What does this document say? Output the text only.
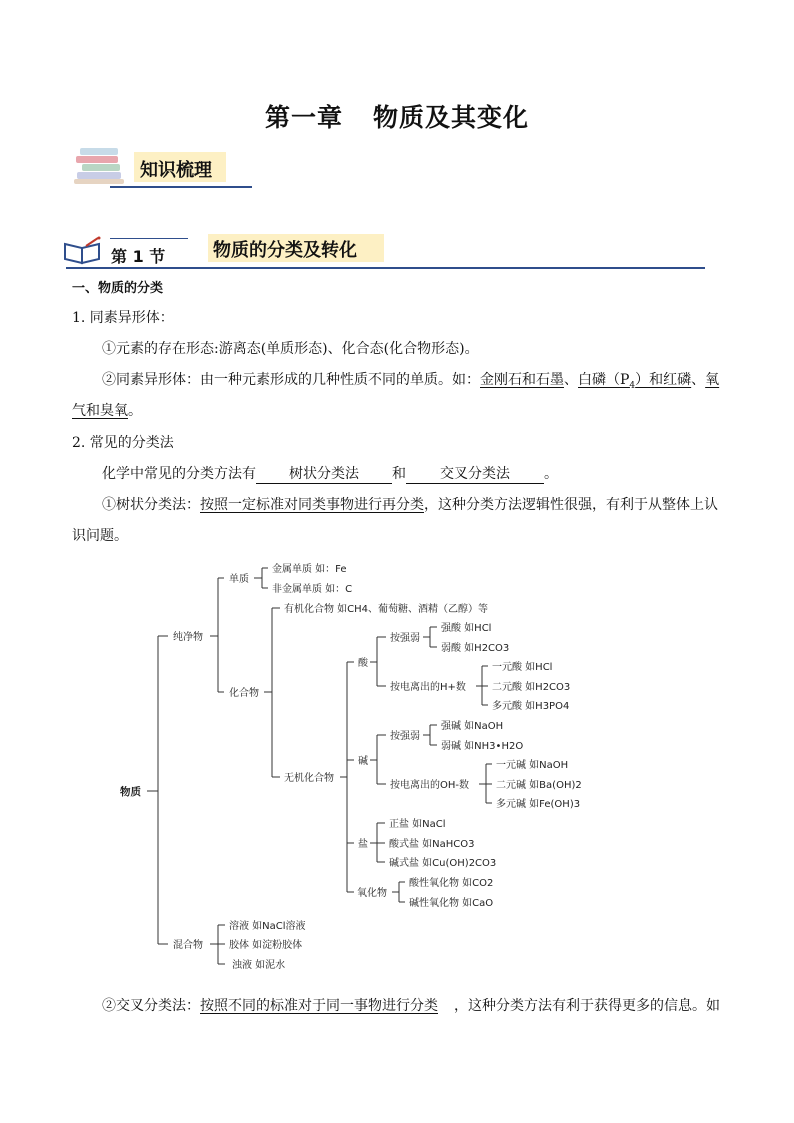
第一章 物质及其变化
知识梳理
第 1 节	物质的分类及转化
一、物质的分类
1. 同素异形体：
①元素的存在形态:游离态(单质形态)、化合态(化合物形态)。
②同素异形体：由一种元素形成的几种性质不同的单质。如：金刚石和石墨、白磷$(P_4)$和红磷、氧
气和臭氧。
2. 常见的分类法
化学中常见的分类方法有 树状分类法 和 交叉分类法 。
①树状分类法：按照一定标准对同类事物进行再分类，这种分类方法逻辑性很强，有利于从整体上认
识问题。
物质
纯净物
混合物
单质
金属单质 如：Fe
非金属单质 如：C
化合物
有机化合物 如CH4、葡萄糖、酒精（乙醇）等
无机化合物
酸
按强弱
强酸 如HCl
弱酸 如H2CO3
按电离出的H+数
一元酸 如HCl
二元酸 如H2CO3
多元酸 如H3PO4
碱
按强弱
强碱 如NaOH
弱碱 如NH3•H2O
按电离出的OH-数
一元碱 如NaOH
二元碱 如Ba(OH)2
多元碱 如Fe(OH)3
盐
正盐 如NaCl
酸式盐 如NaHCO3
碱式盐 如Cu(OH)2CO3
氧化物
酸性氧化物 如CO2
碱性氧化物 如CaO
溶液 如NaCl溶液
胶体 如淀粉胶体
浊液 如泥水
②交叉分类法：按照不同的标准对于同一事物进行分类 ，这种分类方法有利于获得更多的信息。如
